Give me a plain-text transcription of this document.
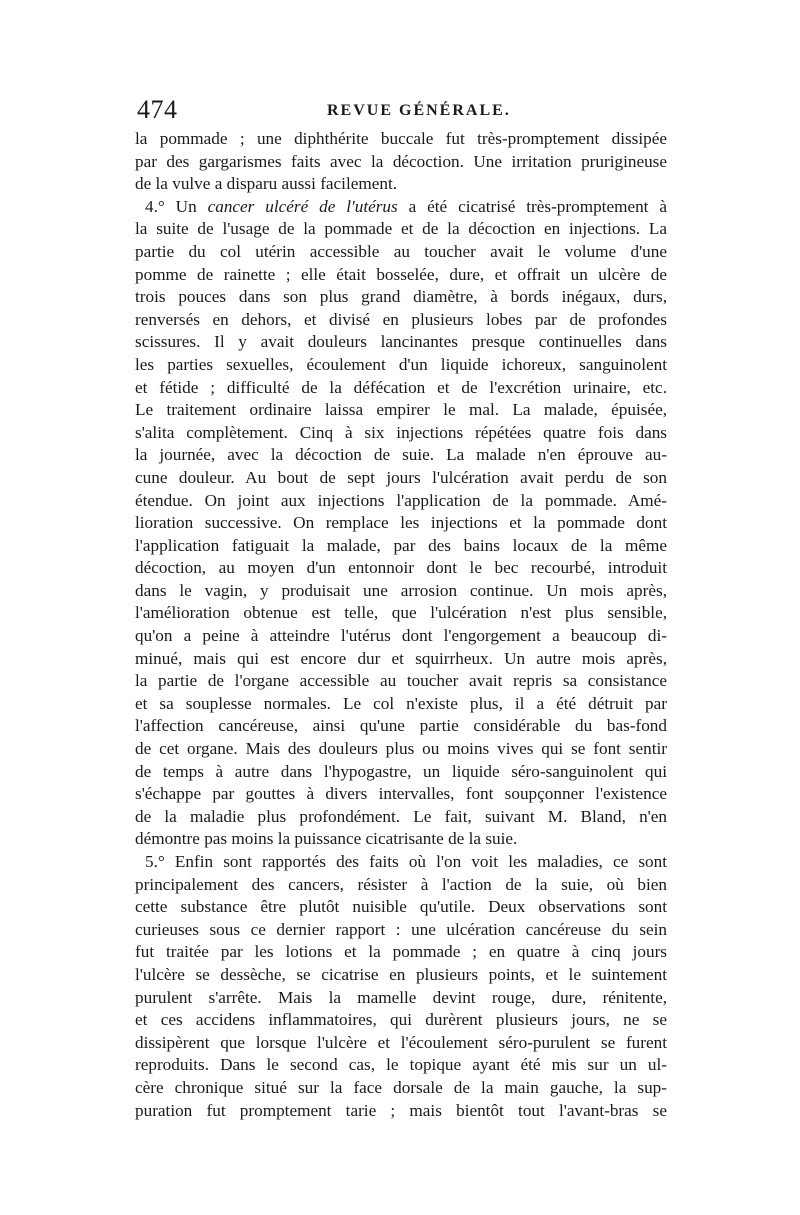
474	REVUE GÉNÉRALE.
la pommade ; une diphthérite buccale fut très-promptement dissipée
par des gargarismes faits avec la décoction. Une irritation prurigineuse
de la vulve a disparu aussi facilement.
4.° Un cancer ulcéré de l'utérus a été cicatrisé très-promptement à
la suite de l'usage de la pommade et de la décoction en injections. La
partie du col utérin accessible au toucher avait le volume d'une
pomme de rainette ; elle était bosselée, dure, et offrait un ulcère de
trois pouces dans son plus grand diamètre, à bords inégaux, durs,
renversés en dehors, et divisé en plusieurs lobes par de profondes
scissures. Il y avait douleurs lancinantes presque continuelles dans
les parties sexuelles, écoulement d'un liquide ichoreux, sanguinolent
et fétide ; difficulté de la défécation et de l'excrétion urinaire, etc.
Le traitement ordinaire laissa empirer le mal. La malade, épuisée,
s'alita complètement. Cinq à six injections répétées quatre fois dans
la journée, avec la décoction de suie. La malade n'en éprouve au-
cune douleur. Au bout de sept jours l'ulcération avait perdu de son
étendue. On joint aux injections l'application de la pommade. Amé-
lioration successive. On remplace les injections et la pommade dont
l'application fatiguait la malade, par des bains locaux de la même
décoction, au moyen d'un entonnoir dont le bec recourbé, introduit
dans le vagin, y produisait une arrosion continue. Un mois après,
l'amélioration obtenue est telle, que l'ulcération n'est plus sensible,
qu'on a peine à atteindre l'utérus dont l'engorgement a beaucoup di-
minué, mais qui est encore dur et squirrheux. Un autre mois après,
la partie de l'organe accessible au toucher avait repris sa consistance
et sa souplesse normales. Le col n'existe plus, il a été détruit par
l'affection cancéreuse, ainsi qu'une partie considérable du bas-fond
de cet organe. Mais des douleurs plus ou moins vives qui se font sentir
de temps à autre dans l'hypogastre, un liquide séro-sanguinolent qui
s'échappe par gouttes à divers intervalles, font soupçonner l'existence
de la maladie plus profondément. Le fait, suivant M. Bland, n'en
démontre pas moins la puissance cicatrisante de la suie.
5.° Enfin sont rapportés des faits où l'on voit les maladies, ce sont
principalement des cancers, résister à l'action de la suie, où bien
cette substance être plutôt nuisible qu'utile. Deux observations sont
curieuses sous ce dernier rapport : une ulcération cancéreuse du sein
fut traitée par les lotions et la pommade ; en quatre à cinq jours
l'ulcère se dessèche, se cicatrise en plusieurs points, et le suintement
purulent s'arrête. Mais la mamelle devint rouge, dure, rénitente,
et ces accidens inflammatoires, qui durèrent plusieurs jours, ne se
dissipèrent que lorsque l'ulcère et l'écoulement séro-purulent se furent
reproduits. Dans le second cas, le topique ayant été mis sur un ul-
cère chronique situé sur la face dorsale de la main gauche, la sup-
puration fut promptement tarie ; mais bientôt tout l'avant-bras se
